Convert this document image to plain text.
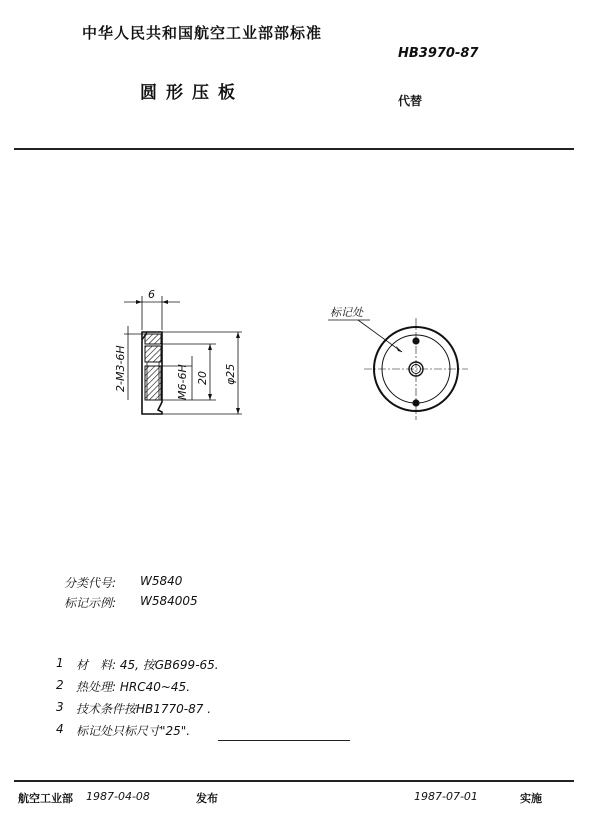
中华人民共和国航空工业部部标准
HB3970-87
圆形压板	代替
6
2-M3-6H	M6-6H 20 φ25
标记处
分类代号: W5840
标记示例: W584005
1 材　料: 45, 按GB699-65.
2 热处理: HRC40~45.
3 技术条件按HB1770-87 .
4 标记处只标尺寸"25".
航空工业部 1987-04-08	发布	1987-07-01	实施
